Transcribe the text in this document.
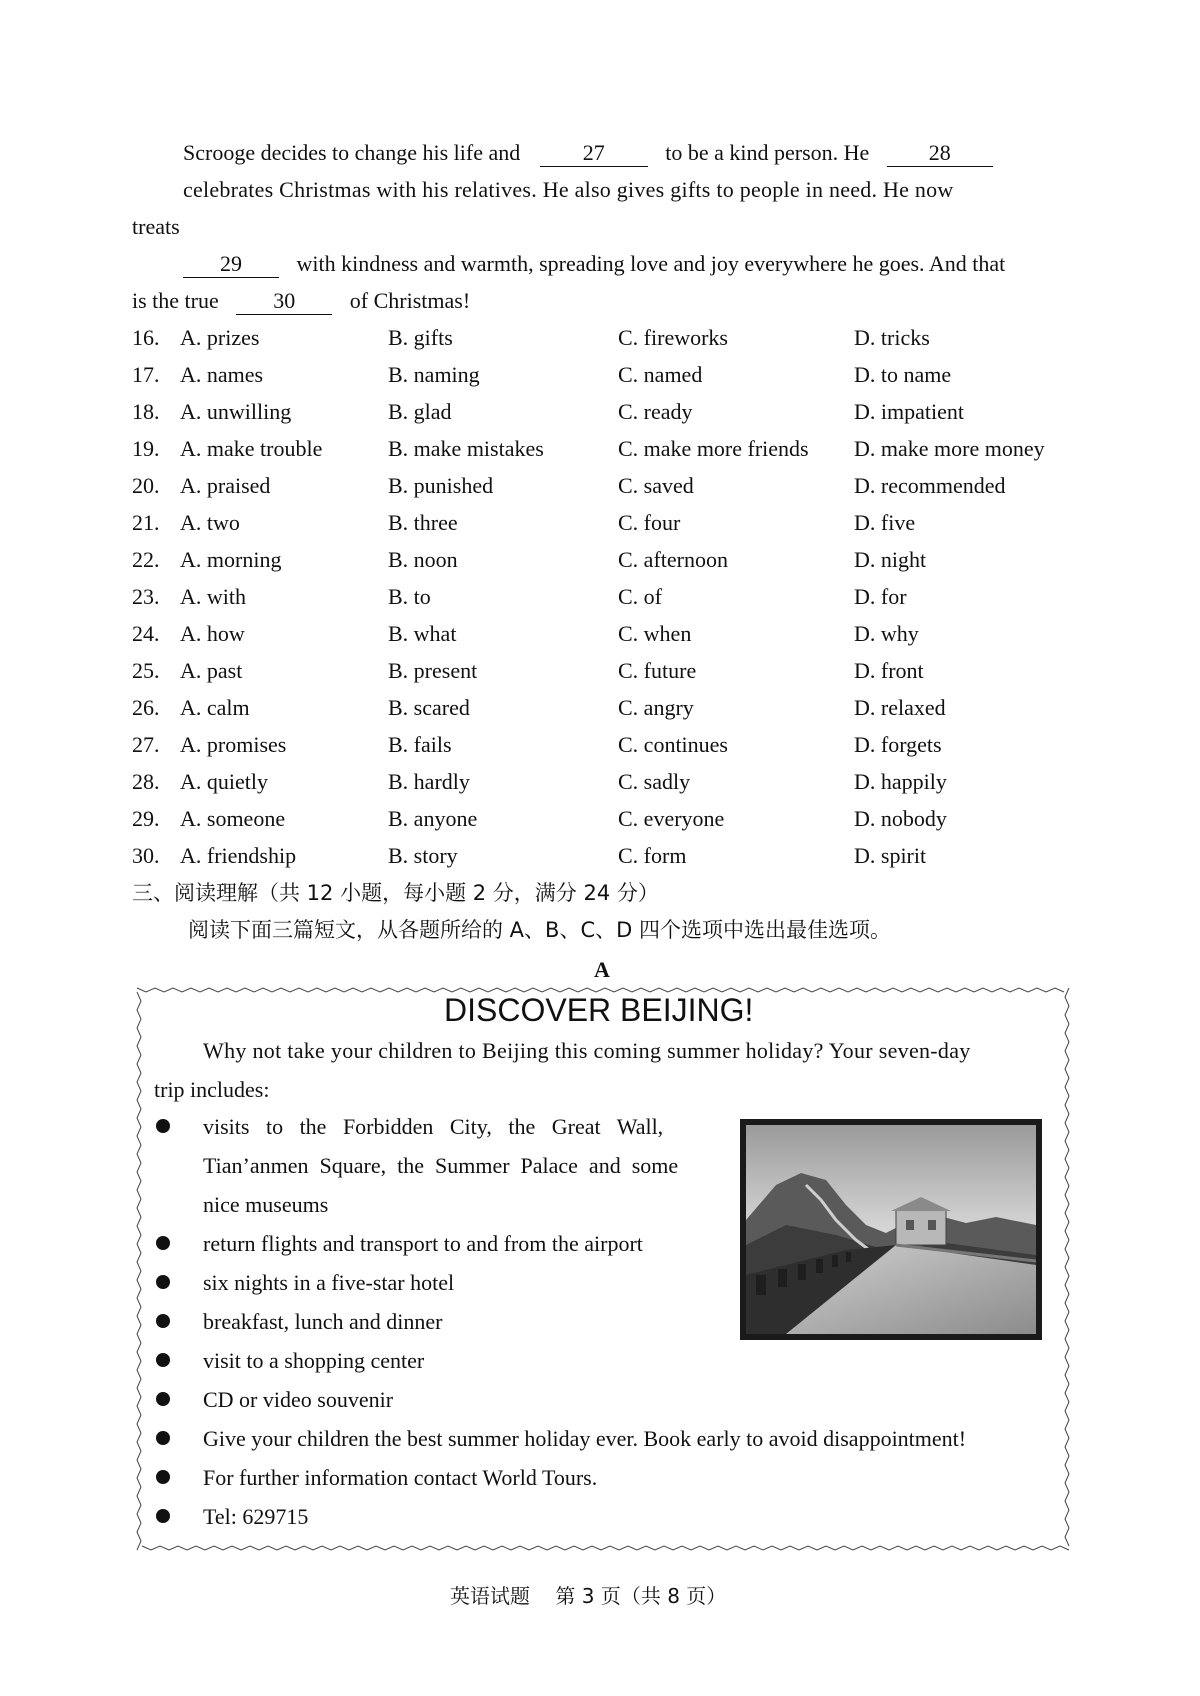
Scrooge decides to change his life and	27	to be a kind person. He	28
celebrates Christmas with his relatives. He also gives gifts to people in need. He now
treats
29 with kindness and warmth, spreading love and joy everywhere he goes. And that
is the true 30 of Christmas!
16. A. prizes	B. gifts	C. fireworks	D. tricks
17. A. names	B. naming	C. named	D. to name
18. A. unwilling	B. glad	C. ready	D. impatient
19. A. make trouble	B. make mistakes	C. make more friends D. make more money
20. A. praised	B. punished	C. saved	D. recommended
21. A. two	B. three	C. four	D. five
22. A. morning	B. noon	C. afternoon	D. night
23. A. with	B. to	C. of	D. for
24. A. how	B. what	C. when	D. why
25. A. past	B. present	C. future	D. front
26. A. calm	B. scared	C. angry	D. relaxed
27. A. promises	B. fails	C. continues	D. forgets
28. A. quietly	B. hardly	C. sadly	D. happily
29. A. someone	B. anyone	C. everyone	D. nobody
30. A. friendship	B. story	C. form	D. spirit
三、阅读理解（共 12 小题，每小题 2 分，满分 24 分）
阅读下面三篇短文，从各题所给的 A、B、C、D 四个选项中选出最佳选项。
A
DISCOVER BEIJING!
Why not take your children to Beijing this coming summer holiday? Your seven-day
trip includes:
visits   to   the   Forbidden   City,   the   Great   Wall,
Tian’anmen  Square,  the  Summer  Palace  and  some
nice museums
return flights and transport to and from the airport
six nights in a five-star hotel
breakfast, lunch and dinner
visit to a shopping center
CD or video souvenir
Give your children the best summer holiday ever. Book early to avoid disappointment!
For further information contact World Tours.
Tel: 629715
英语试题    第 3 页（共 8 页）
